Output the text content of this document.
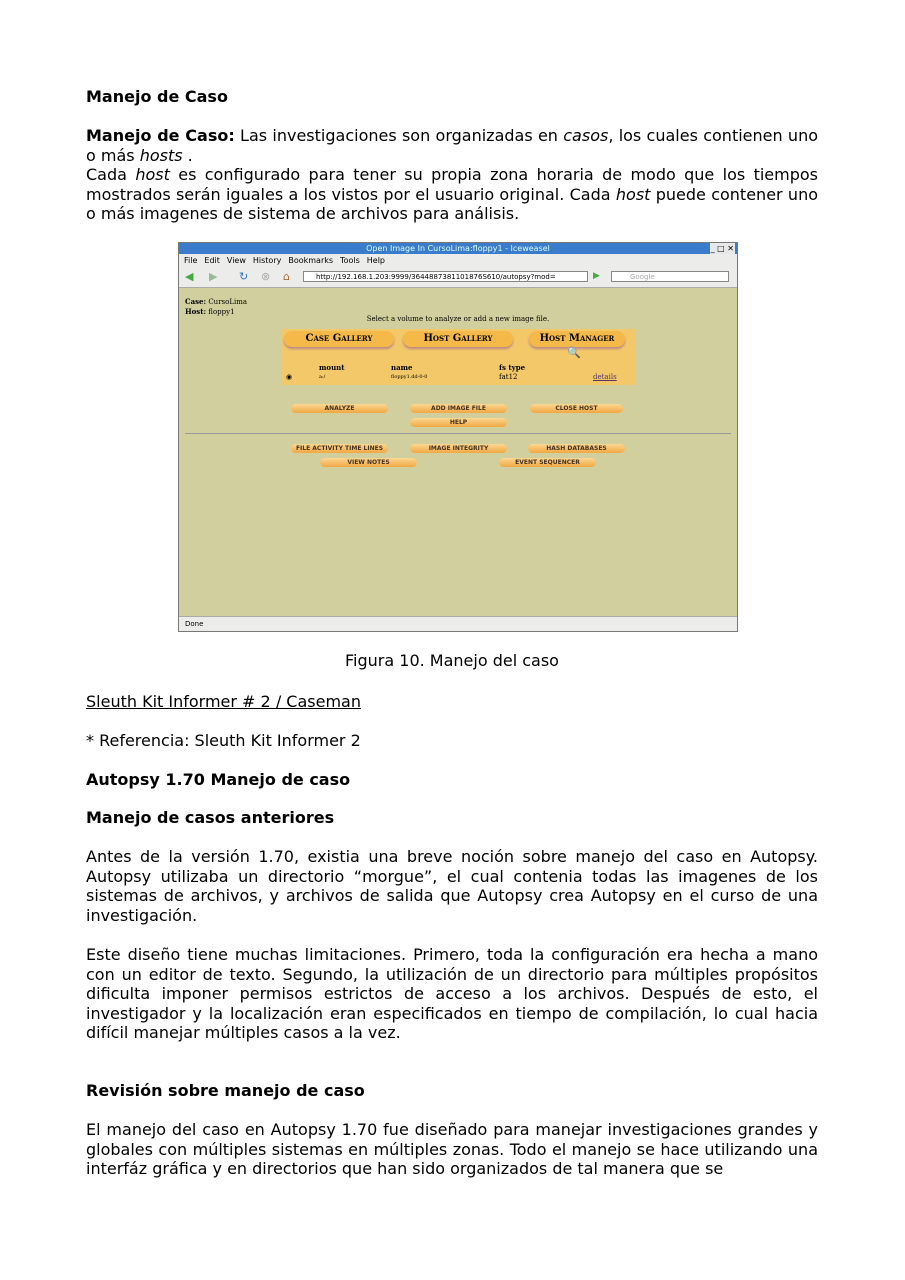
Manejo de Caso

Manejo de Caso: Las investigaciones son organizadas en casos, los cuales contienen uno o más hosts .
Cada host es configurado para tener su propia zona horaria de modo que los tiempos mostrados serán iguales a los vistos por el usuario original. Cada host puede contener uno o más imagenes de sistema de archivos para análisis.

Open Image In CursoLima:floppy1 - Iceweasel	_ □ ✕
File Edit View History Bookmarks Tools Help
◀ ▶ ↻ ⊗ ⌂	http://192.168.1.203:9999/3644887381101876S610/autopsy?mod=	▶	Google
Case: CursoLima
Host: floppy1
Select a volume to analyze or add a new image file.
Case Gallery	Host Gallery	Host Manager
🔍
mount	name	fs type
◉	a:/	floppy1.dd-0-0	fat12	details
ANALYZE	ADD IMAGE FILE	CLOSE HOST
HELP
FILE ACTIVITY TIME LINES	IMAGE INTEGRITY	HASH DATABASES
VIEW NOTES	EVENT SEQUENCER
Done

Figura 10. Manejo del caso

Sleuth Kit Informer # 2 / Caseman

* Referencia: Sleuth Kit Informer 2

Autopsy 1.70 Manejo de caso

Manejo de casos anteriores

Antes de la versión 1.70, existia una breve noción sobre manejo del caso en Autopsy. Autopsy utilizaba un directorio “morgue”, el cual contenia todas las imagenes de los sistemas de archivos, y archivos de salida que Autopsy crea Autopsy en el curso de una investigación.

Este diseño tiene muchas limitaciones. Primero, toda la configuración era hecha a mano con un editor de texto. Segundo, la utilización de un directorio para múltiples propósitos dificulta imponer permisos estrictos de acceso a los archivos. Después de esto, el investigador y la localización eran especificados en tiempo de compilación, lo cual hacia difícil manejar múltiples casos a la vez.

Revisión sobre manejo de caso

El manejo del caso en Autopsy 1.70 fue diseñado para manejar investigaciones grandes y globales con múltiples sistemas en múltiples zonas. Todo el manejo se hace utilizando una interfáz gráfica y en directorios que han sido organizados de tal manera que se
